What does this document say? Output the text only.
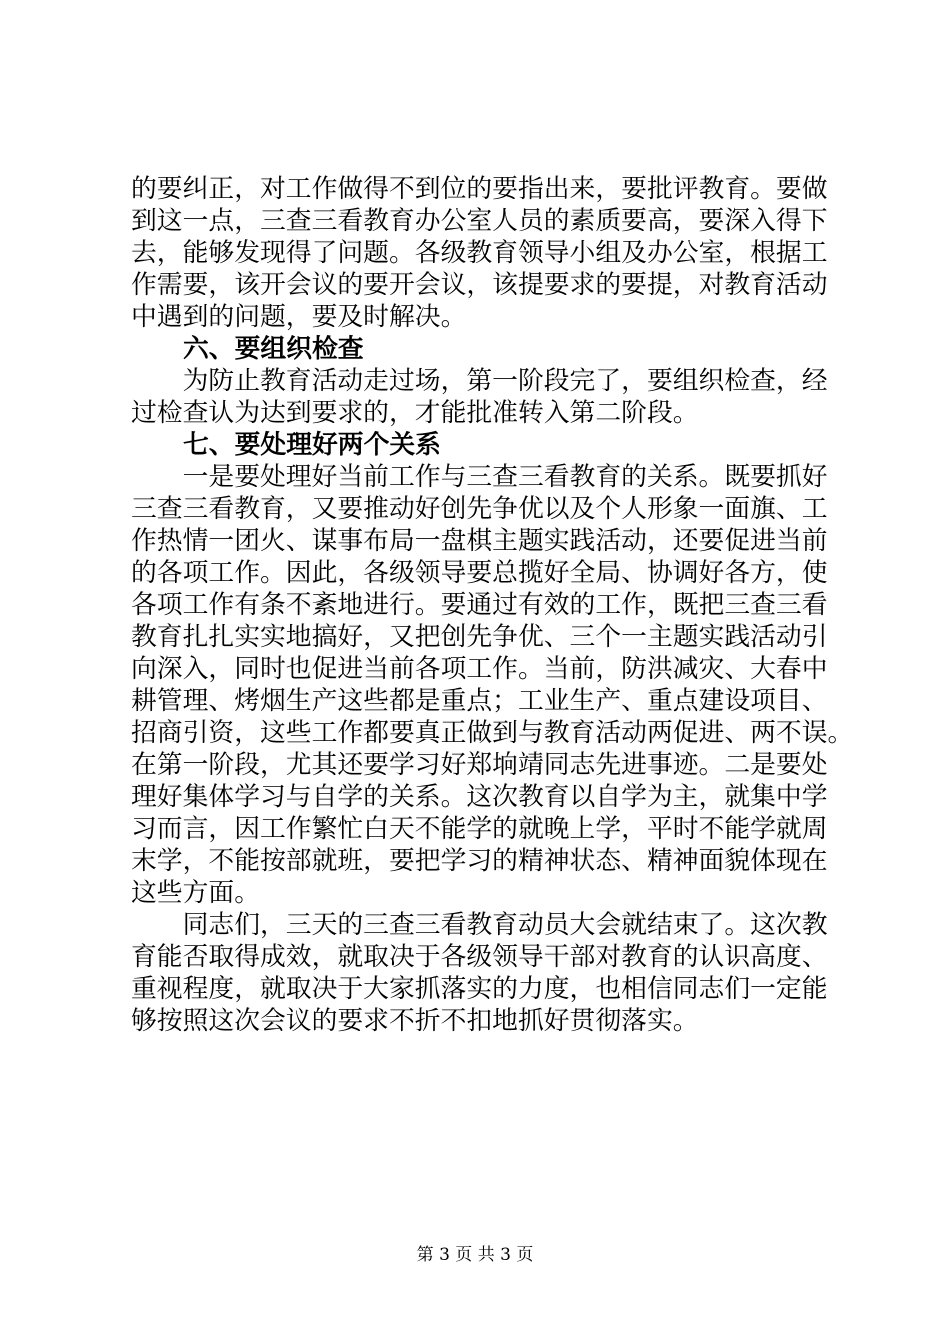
的要纠正，对工作做得不到位的要指出来，要批评教育。要做
到这一点，三查三看教育办公室人员的素质要高，要深入得下
去，能够发现得了问题。各级教育领导小组及办公室，根据工
作需要，该开会议的要开会议，该提要求的要提，对教育活动
中遇到的问题，要及时解决。
六、要组织检查
　　为防止教育活动走过场，第一阶段完了，要组织检查，经
过检查认为达到要求的，才能批准转入第二阶段。
七、要处理好两个关系
　　一是要处理好当前工作与三查三看教育的关系。既要抓好
三查三看教育，又要推动好创先争优以及个人形象一面旗、工
作热情一团火、谋事布局一盘棋主题实践活动，还要促进当前
的各项工作。因此，各级领导要总揽好全局、协调好各方，使
各项工作有条不紊地进行。要通过有效的工作，既把三查三看
教育扎扎实实地搞好，又把创先争优、三个一主题实践活动引
向深入，同时也促进当前各项工作。当前，防洪减灾、大春中
耕管理、烤烟生产这些都是重点；工业生产、重点建设项目、
招商引资，这些工作都要真正做到与教育活动两促进、两不误。
在第一阶段，尤其还要学习好郑垧靖同志先进事迹。二是要处
理好集体学习与自学的关系。这次教育以自学为主，就集中学
习而言，因工作繁忙白天不能学的就晚上学，平时不能学就周
末学，不能按部就班，要把学习的精神状态、精神面貌体现在
这些方面。
　　同志们，三天的三查三看教育动员大会就结束了。这次教
育能否取得成效，就取决于各级领导干部对教育的认识高度、
重视程度，就取决于大家抓落实的力度，也相信同志们一定能
够按照这次会议的要求不折不扣地抓好贯彻落实。
第 3 页 共 3 页
